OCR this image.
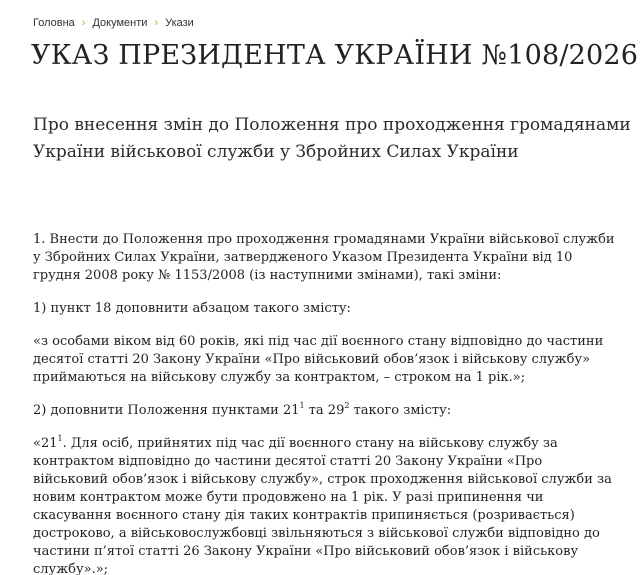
Головна › Документи › Укази
УКАЗ ПРЕЗИДЕНТА УКРАЇНИ №108/2026
Про внесення змін до Положення про проходження громадянами України військової служби у Збройних Силах України

1. Внести до Положення про проходження громадянами України військової служби у Збройних Силах України, затвердженого Указом Президента України від 10 грудня 2008 року № 1153/2008 (із наступними змінами), такі зміни:

1) пункт 18 доповнити абзацом такого змісту:

«з особами віком від 60 років, які під час дії воєнного стану відповідно до частини десятої статті 20 Закону України «Про військовий обов’язок і військову службу» приймаються на військову службу за контрактом, – строком на 1 рік.»;

2) доповнити Положення пунктами $21^1$ та $29^2$ такого змісту:

«$21^1$. Для осіб, прийнятих під час дії воєнного стану на військову службу за контрактом відповідно до частини десятої статті 20 Закону України «Про військовий обов’язок і військову службу», строк проходження військової служби за новим контрактом може бути продовжено на 1 рік. У разі припинення чи скасування воєнного стану дія таких контрактів припиняється (розривається) достроково, а військовослужбовці звільняються з військової служби відповідно до частини п’ятої статті 26 Закону України «Про військовий обов’язок і військову службу».»;
